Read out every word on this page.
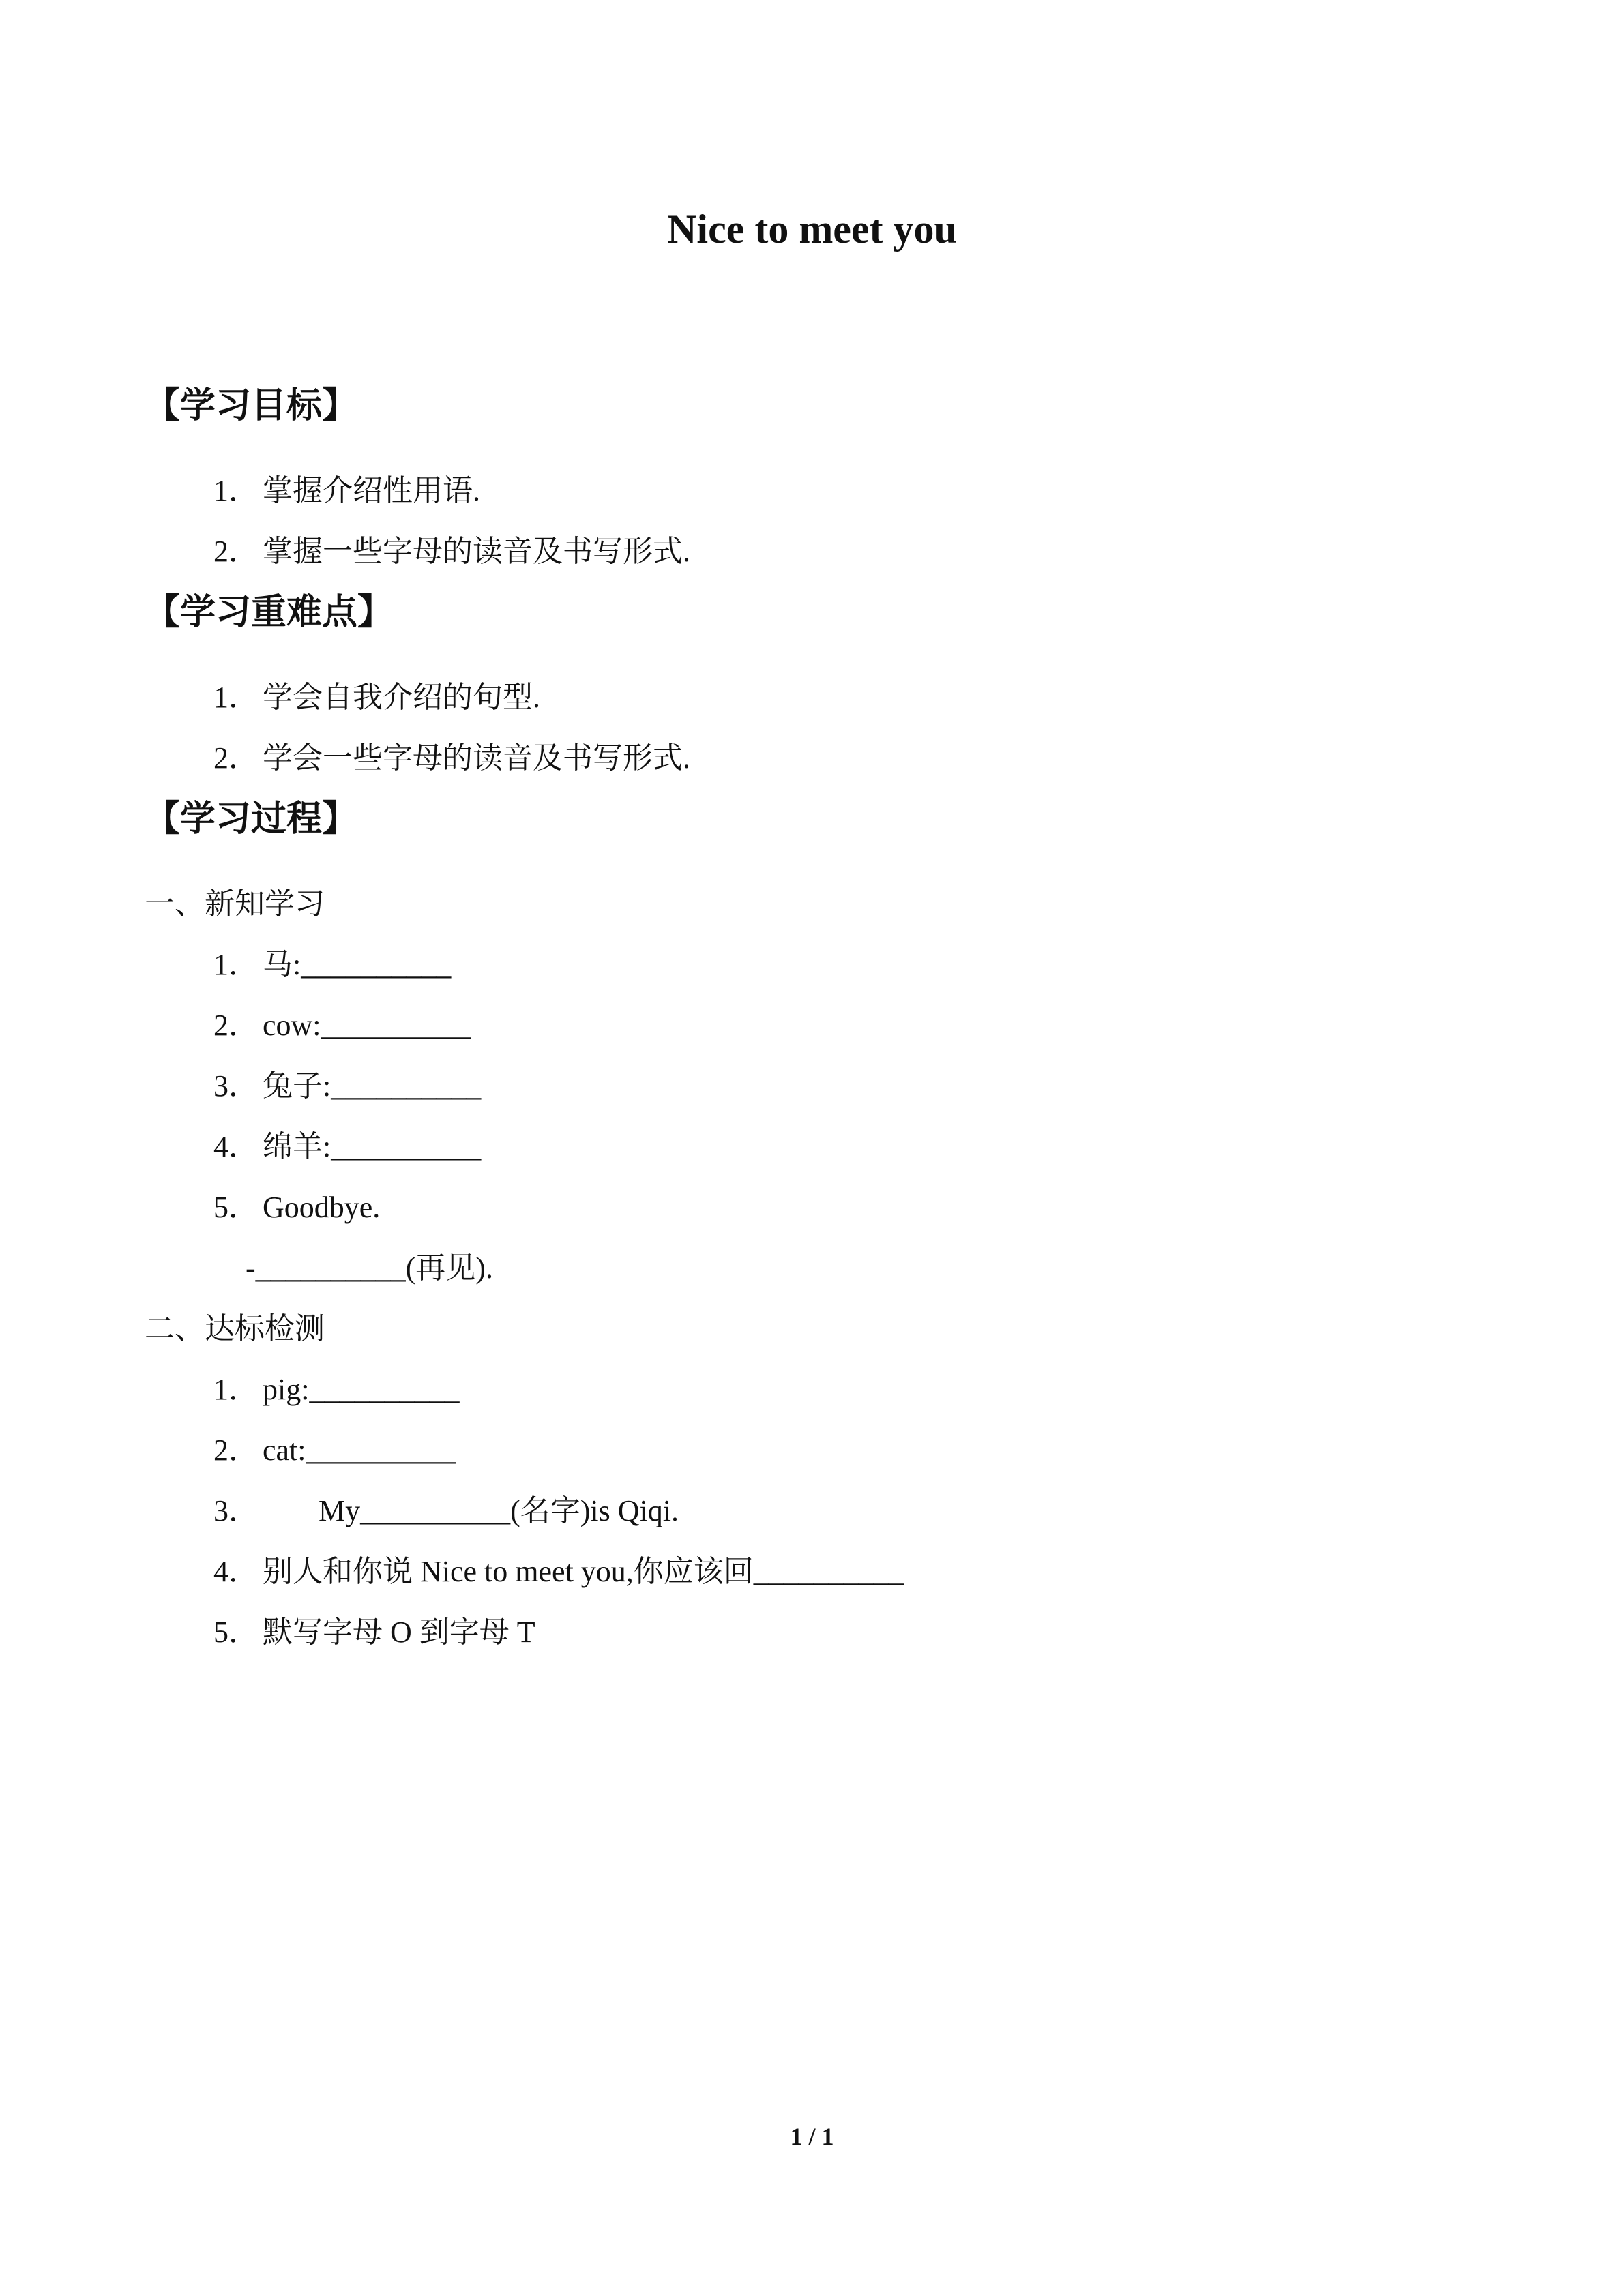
Nice to meet you
【学习目标】

1． 掌握介绍性用语.

2． 掌握一些字母的读音及书写形式.

【学习重难点】

1． 学会自我介绍的句型.

2． 学会一些字母的读音及书写形式.

【学习过程】

一、新知学习

1． 马:__________

2． cow:__________

3． 兔子:__________

4． 绵羊:__________

5． Goodbye.

-__________(再见).

二、达标检测

1． pig:__________

2． cat:__________

3． My__________(名字)is Qiqi.

4． 别人和你说 Nice to meet you,你应该回__________

5． 默写字母 O 到字母 T

1 / 1
